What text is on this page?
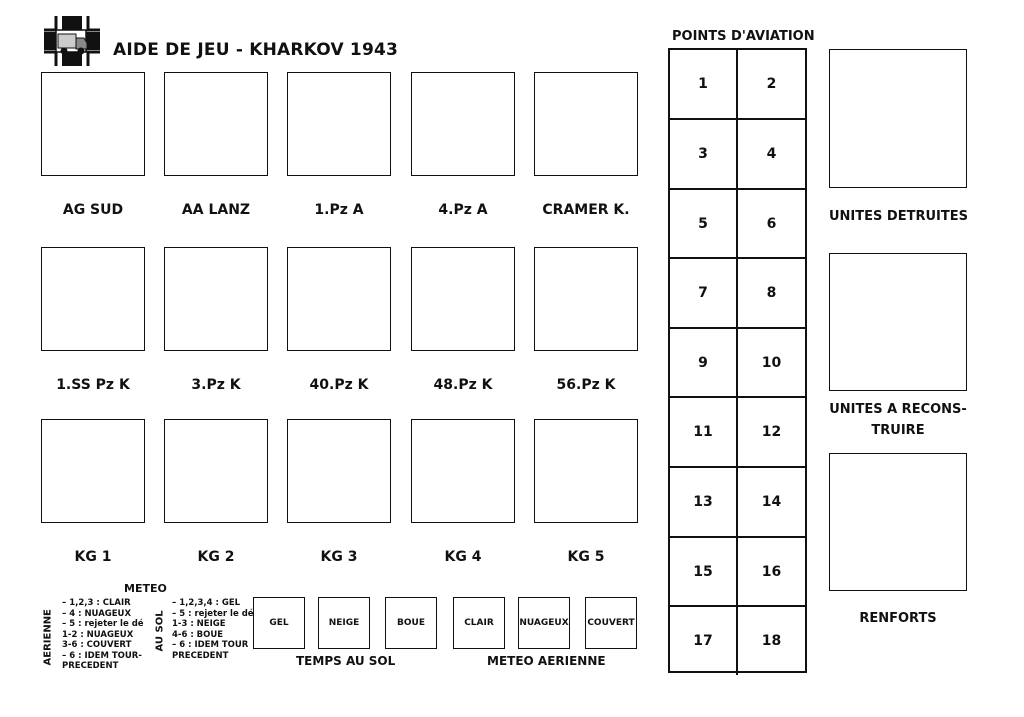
AIDE DE JEU - KHARKOV 1943
AG SUD	AA LANZ	1.Pz A	4.Pz A	CRAMER K.
1.SS Pz K	3.Pz K	40.Pz K	48.Pz K	56.Pz K
KG 1	KG 2	KG 3	KG 4	KG 5
POINTS D'AVIATION
1	2
3	4
5	6
7	8
9	10
11	12
13	14
15	16
17	18
UNITES DETRUITES
UNITES A RECONS-
TRUIRE
RENFORTS
METEO
AERIENNE
– 1,2,3 : CLAIR
– 4 : NUAGEUX
– 5 : rejeter le dé
1-2 : NUAGEUX
3-6 : COUVERT
– 6 : IDEM TOUR-
PRECEDENT
AU SOL
– 1,2,3,4 : GEL
– 5 : rejeter le dé
1-3 : NEIGE
4-6 : BOUE
– 6 : IDEM TOUR
PRECEDENT
GEL	NEIGE	BOUE	CLAIR	NUAGEUX COUVERT
TEMPS AU SOL	METEO AERIENNE
